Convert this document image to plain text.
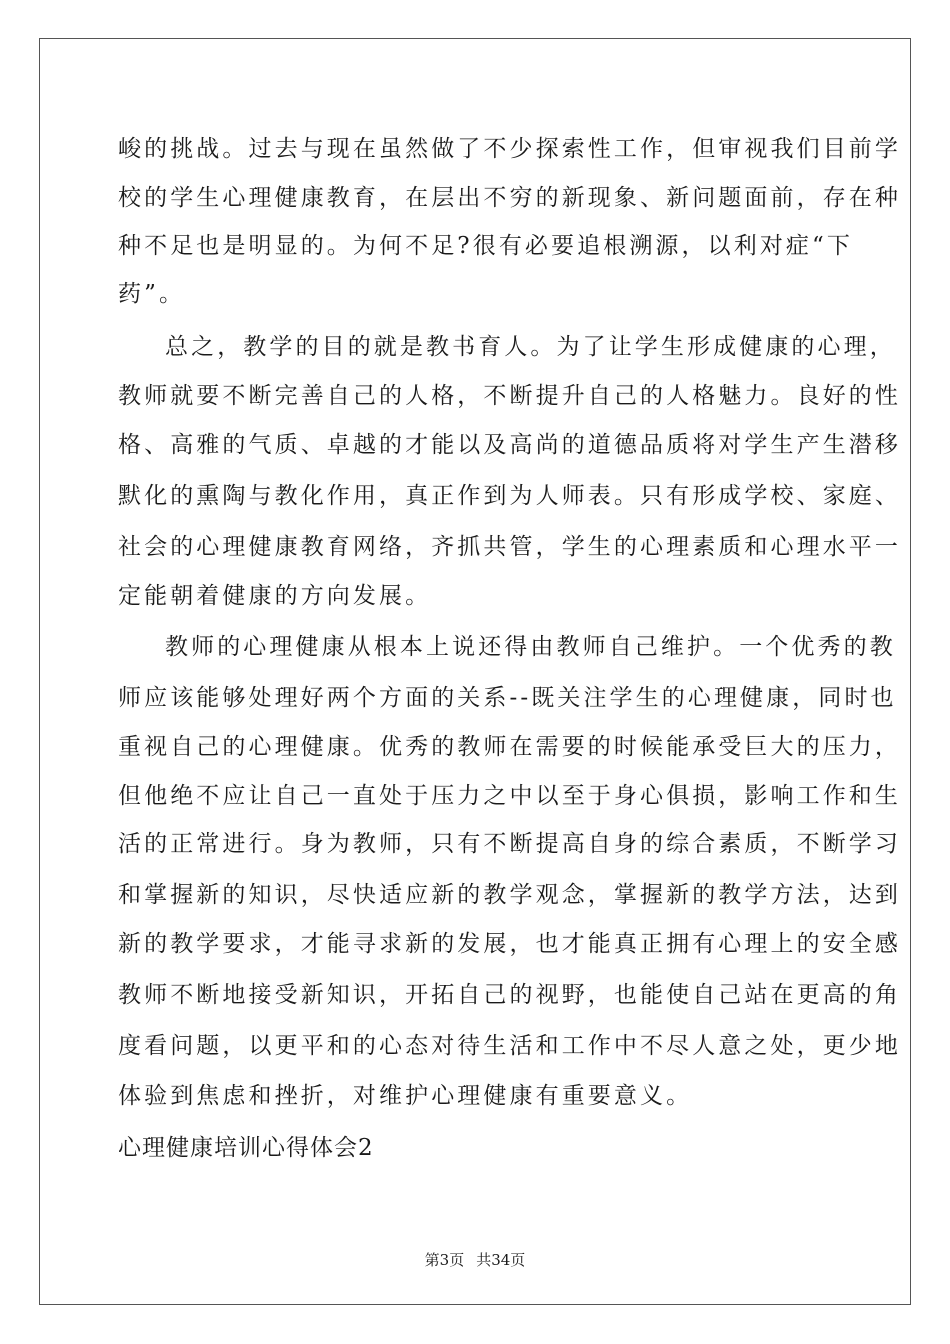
峻的挑战。过去与现在虽然做了不少探索性工作，但审视我们目前学
校的学生心理健康教育，在层出不穷的新现象、新问题面前，存在种
种不足也是明显的。为何不足?很有必要追根溯源，以利对症“下
药”。
总之，教学的目的就是教书育人。为了让学生形成健康的心理，
教师就要不断完善自己的人格，不断提升自己的人格魅力。良好的性
格、高雅的气质、卓越的才能以及高尚的道德品质将对学生产生潜移
默化的熏陶与教化作用，真正作到为人师表。只有形成学校、家庭、
社会的心理健康教育网络，齐抓共管，学生的心理素质和心理水平一
定能朝着健康的方向发展。
教师的心理健康从根本上说还得由教师自己维护。一个优秀的教
师应该能够处理好两个方面的关系--既关注学生的心理健康，同时也
重视自己的心理健康。优秀的教师在需要的时候能承受巨大的压力，
但他绝不应让自己一直处于压力之中以至于身心俱损，影响工作和生
活的正常进行。身为教师，只有不断提高自身的综合素质，不断学习
和掌握新的知识，尽快适应新的教学观念，掌握新的教学方法，达到
新的教学要求，才能寻求新的发展，也才能真正拥有心理上的安全感
教师不断地接受新知识，开拓自己的视野，也能使自己站在更高的角
度看问题，以更平和的心态对待生活和工作中不尽人意之处，更少地
体验到焦虑和挫折，对维护心理健康有重要意义。
心理健康培训心得体会2
第3页 共34页
